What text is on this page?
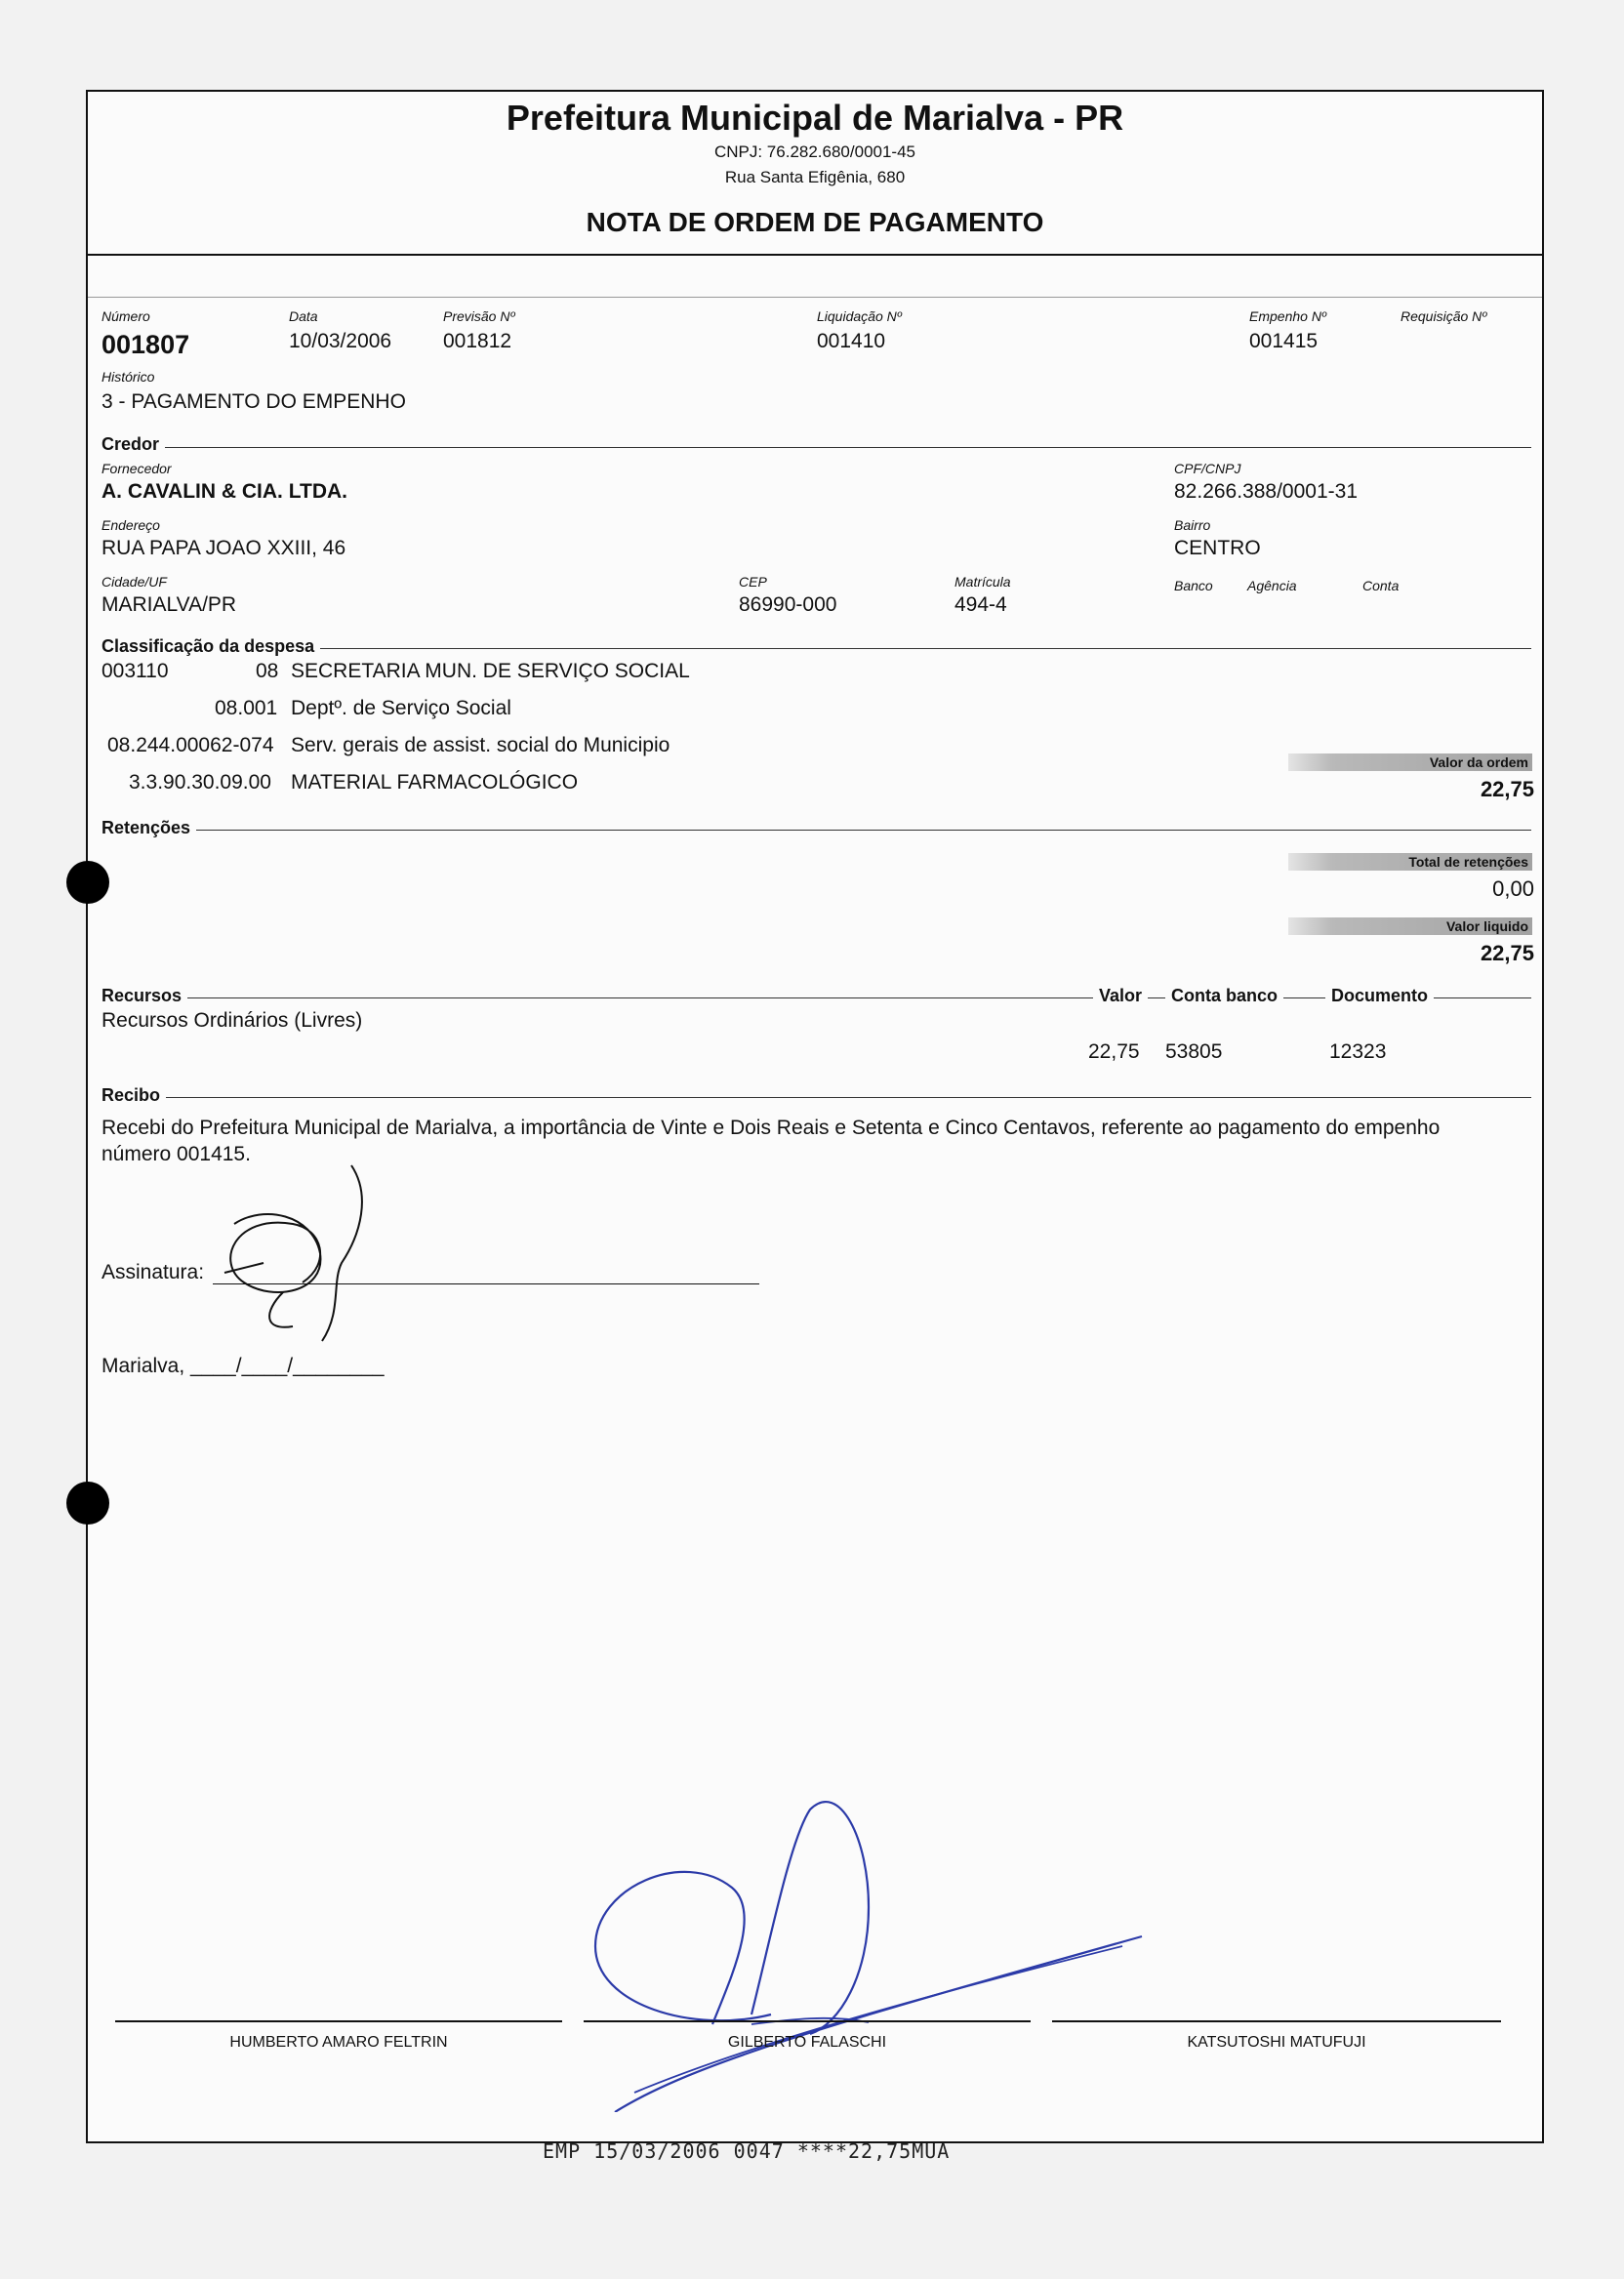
Prefeitura Municipal de Marialva - PR
CNPJ: 76.282.680/0001-45
Rua Santa Efigênia, 680
NOTA DE ORDEM DE PAGAMENTO
Número
001807
Data
10/03/2006
Previsão Nº
001812
Liquidação Nº
001410
Empenho Nº
001415
Requisição Nº
Histórico
3 - PAGAMENTO DO EMPENHO
Credor
Fornecedor
A. CAVALIN & CIA. LTDA.
CPF/CNPJ
82.266.388/0001-31
Endereço
RUA PAPA JOAO XXIII, 46
Bairro
CENTRO
Cidade/UF
MARIALVA/PR
CEP
86990-000
Matrícula
494-4
Banco	Agência	Conta
Classificação da despesa
003110	08 SECRETARIA MUN. DE SERVIÇO SOCIAL
08.001 Deptº. de Serviço Social
08.244.00062-074 Serv. gerais de assist. social do Municipio
3.3.90.30.09.00 MATERIAL FARMACOLÓGICO
Valor da ordem
22,75
Retenções
Total de retenções
0,00
Valor liquido
22,75
Recursos	Valor	Conta banco	Documento
Recursos Ordinários (Livres)
22,75 53805	12323
Recibo
Recebi do Prefeitura Municipal de Marialva, a importância de Vinte e Dois Reais e Setenta e Cinco Centavos, referente ao pagamento do empenho número 001415.
Assinatura:
Marialva, ____/____/________
HUMBERTO AMARO FELTRIN	GILBERTO FALASCHI	KATSUTOSHI MATUFUJI
EMP 15/03/2006 0047 ****22,75MUA
